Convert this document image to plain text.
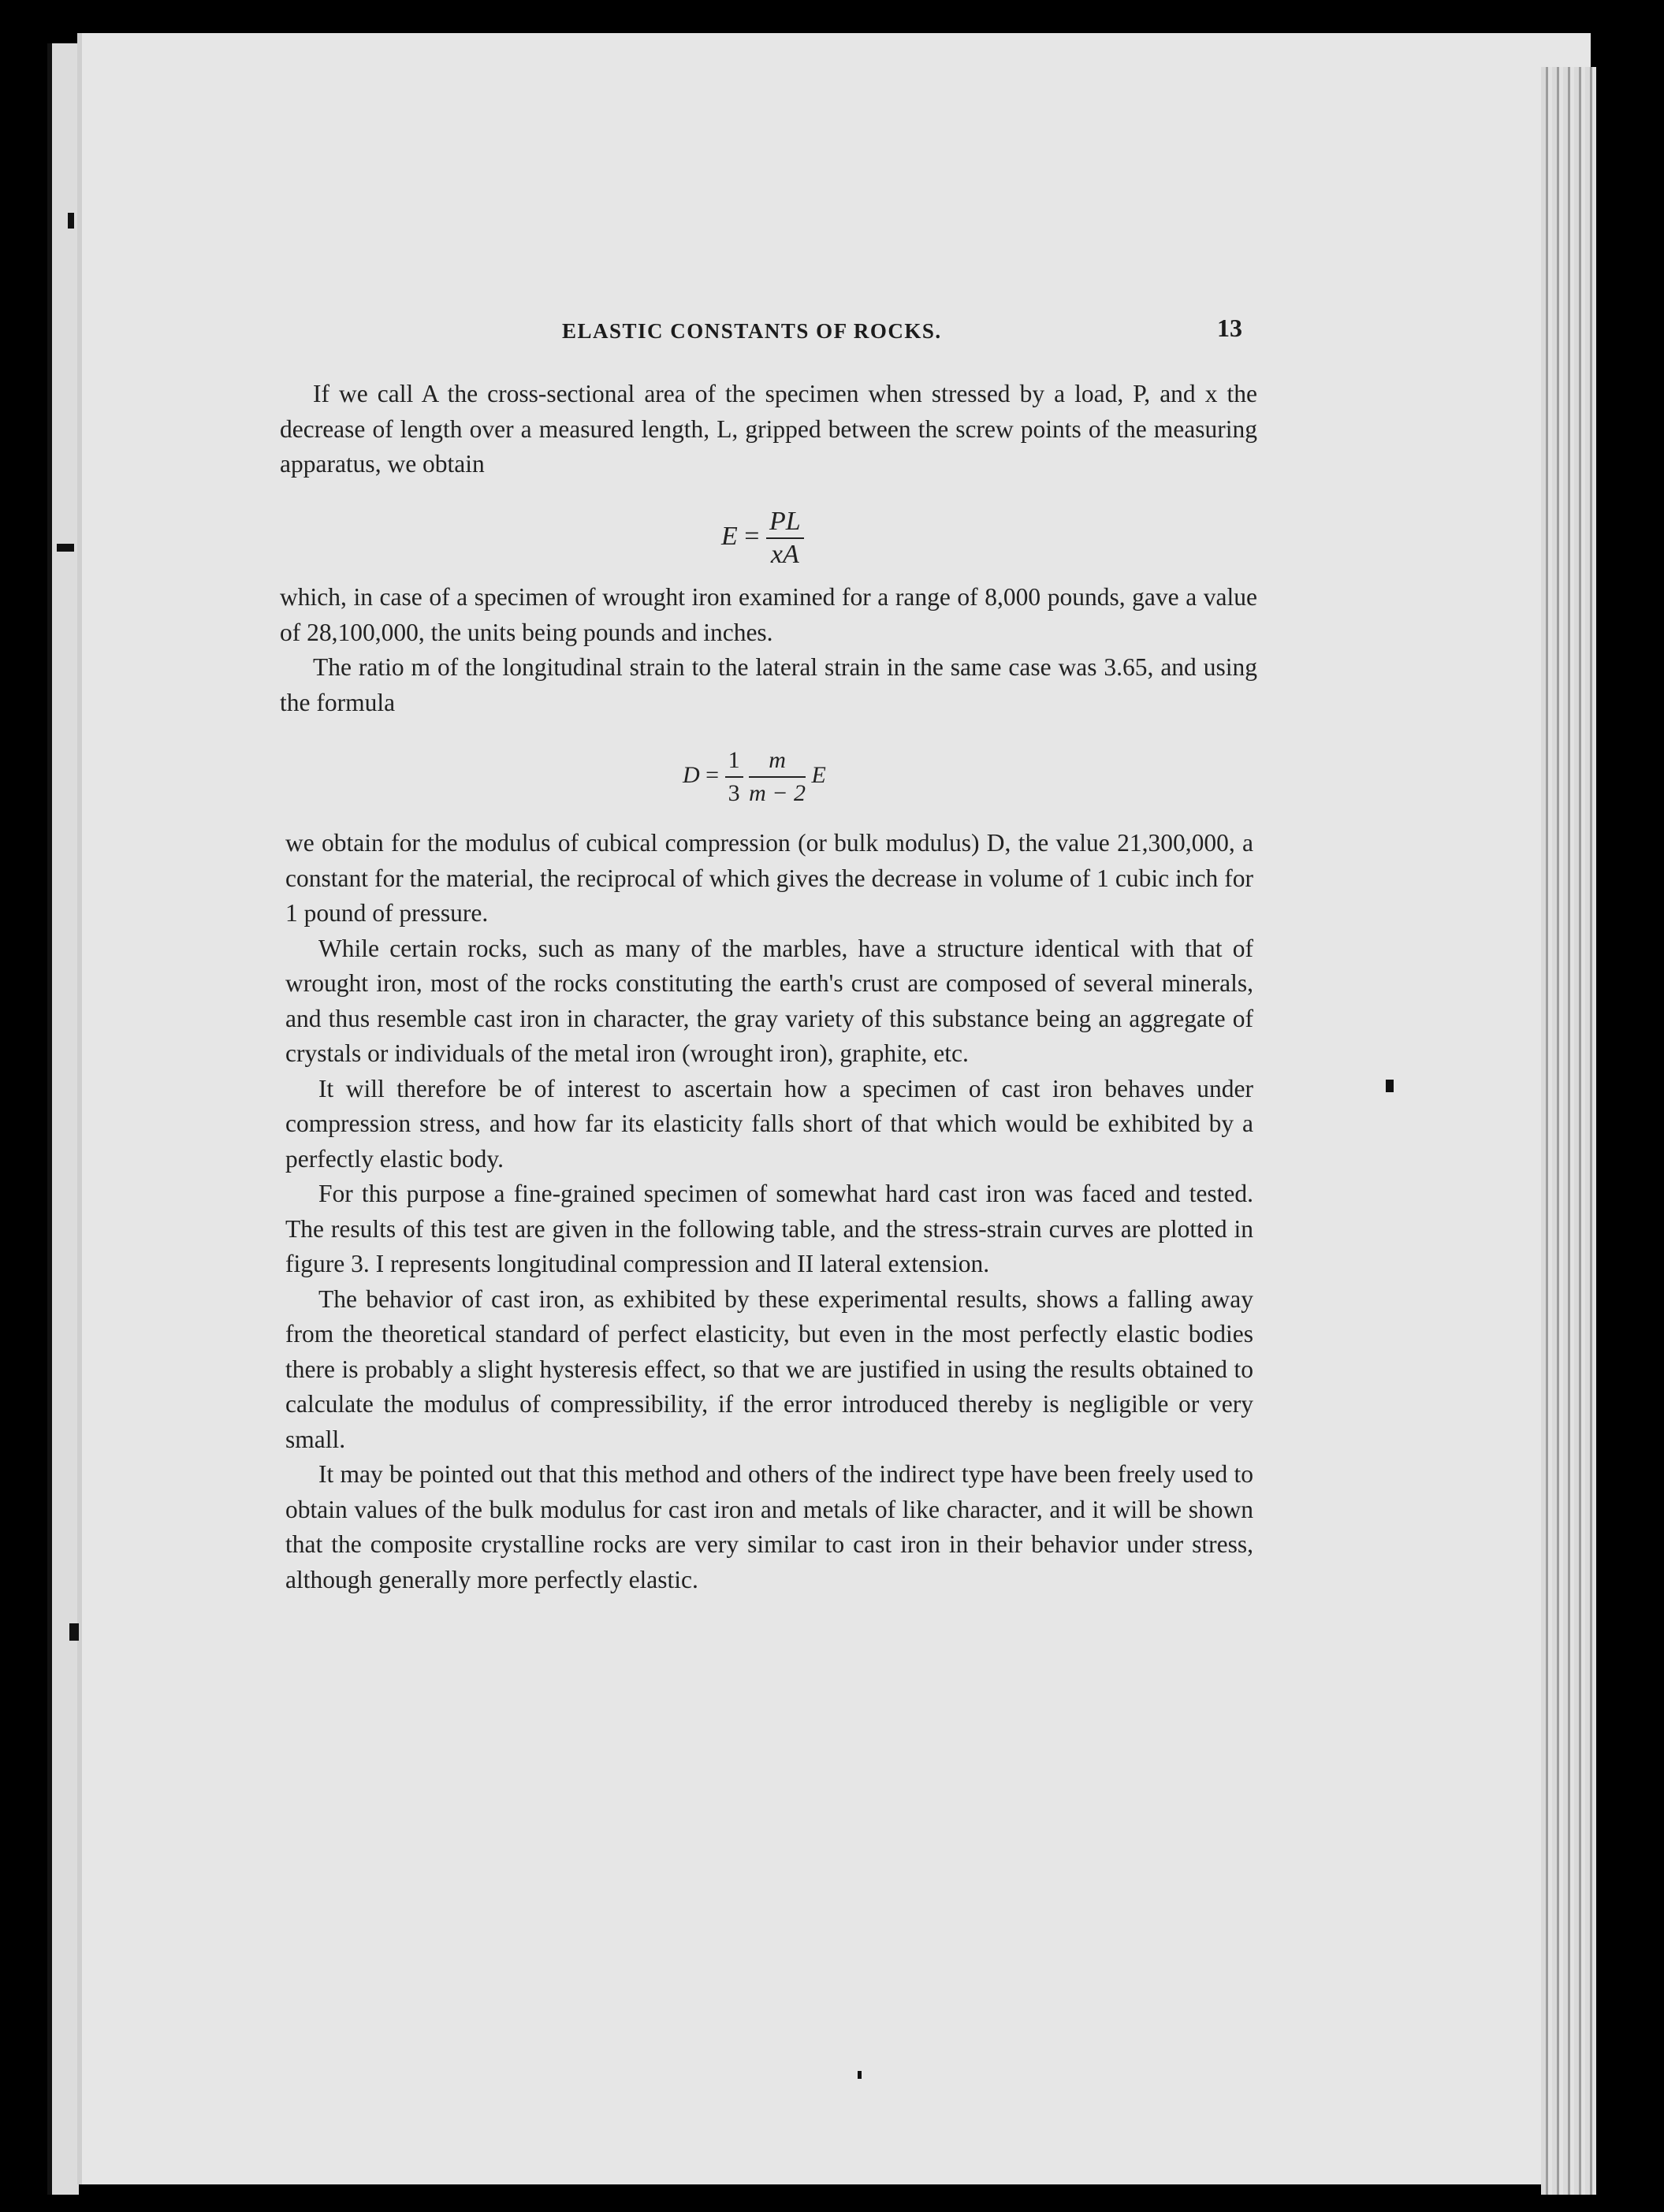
ELASTIC CONSTANTS OF ROCKS.	13

If we call A the cross-sectional area of the specimen when stressed by a load, P, and x the decrease of length over a measured length, L, gripped between the screw points of the measuring apparatus, we obtain

$E = \frac{PL}{xA}$

which, in case of a specimen of wrought iron examined for a range of 8,000 pounds, gave a value of 28,100,000, the units being pounds and inches.

The ratio m of the longitudinal strain to the lateral strain in the same case was 3.65, and using the formula

$D = \frac{1}{3}$
$\frac{m}{m - 2}$ E

we obtain for the modulus of cubical compression (or bulk modulus) D, the value 21,300,000, a constant for the material, the reciprocal of which gives the decrease in volume of 1 cubic inch for 1 pound of pressure.

While certain rocks, such as many of the marbles, have a structure identical with that of wrought iron, most of the rocks constituting the earth's crust are composed of several minerals, and thus resemble cast iron in character, the gray variety of this substance being an aggregate of crystals or individuals of the metal iron (wrought iron), graphite, etc.

It will therefore be of interest to ascertain how a specimen of cast iron behaves under compression stress, and how far its elasticity falls short of that which would be exhibited by a perfectly elastic body.

For this purpose a fine-grained specimen of somewhat hard cast iron was faced and tested. The results of this test are given in the following table, and the stress-strain curves are plotted in figure 3. I represents longitudinal compression and II lateral extension.

The behavior of cast iron, as exhibited by these experimental results, shows a falling away from the theoretical standard of perfect elasticity, but even in the most perfectly elastic bodies there is probably a slight hysteresis effect, so that we are justified in using the results obtained to calculate the modulus of compressibility, if the error introduced thereby is negligible or very small.

It may be pointed out that this method and others of the indirect type have been freely used to obtain values of the bulk modulus for cast iron and metals of like character, and it will be shown that the composite crystalline rocks are very similar to cast iron in their behavior under stress, although generally more perfectly elastic.
